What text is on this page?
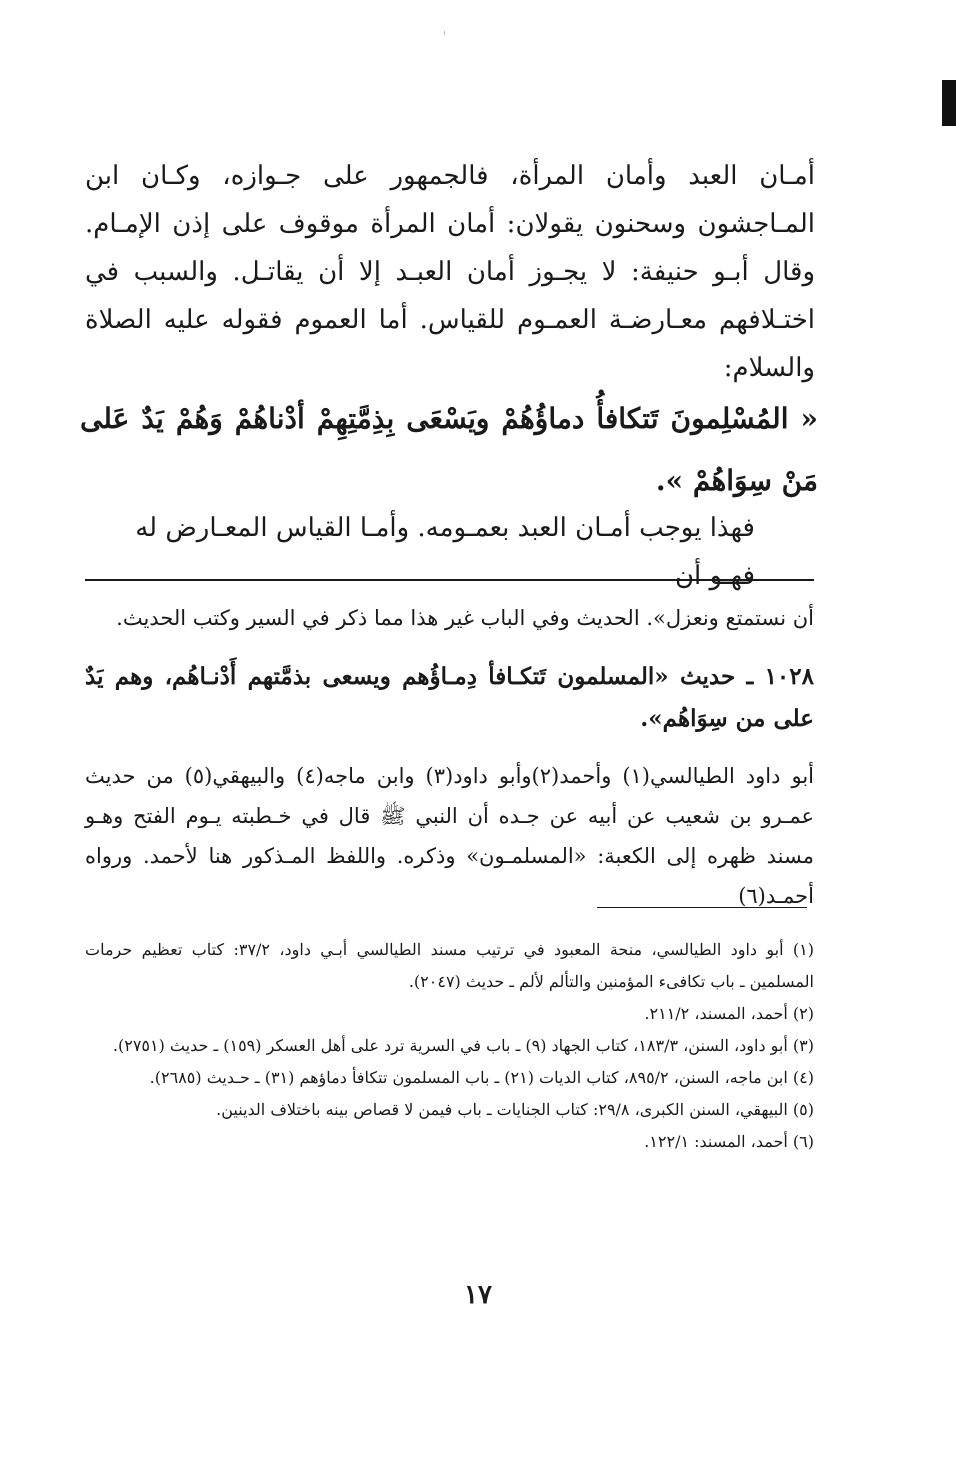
أمـان العبد وأمان المرأة، فالجمهور على جـوازه، وكـان ابن المـاجشون وسحنون يقولان: أمان المرأة موقوف على إذن الإمـام. وقال أبـو حنيفة: لا يجـوز أمان العبـد إلا أن يقاتـل. والسبب في اختـلافهم معـارضـة العمـوم للقياس. أما العموم فقوله عليه الصلاة والسلام:

« المُسْلِمونَ تَتكافأُ دماؤُهُمْ ويَسْعَى بِذِمَّتِهِمْ أدْناهُمْ وَهُمْ يَدٌ عَلى مَنْ سِوَاهُمْ ».

فهذا يوجب أمـان العبد بعمـومه. وأمـا القياس المعـارض له فهـو أن

أن نستمتع ونعزل». الحديث وفي الباب غير هذا مما ذكر في السير وكتب الحديث.

١٠٢٨ ـ حديث «المسلمون تَتكـافأ دِمـاؤُهم ويسعى بذمَّتهم أَدْنـاهُم، وهم يَدٌ على من سِوَاهُم».

أبو داود الطيالسي(١) وأحمد(٢)وأبو داود(٣) وابن ماجه(٤) والبيهقي(٥) من حديث عمـرو بن شعيب عن أبيه عن جـده أن النبي ﷺ قال في خـطبته يـوم الفتح وهـو مسند ظهره إلى الكعبة: «المسلمـون» وذكره. واللفظ المـذكور هنا لأحمد. ورواه أحمـد(٦)

(١) أبو داود الطيالسي، منحة المعبود في ترتيب مسند الطيالسي أبـي داود، ٣٧/٢: كتاب تعظيم حرمات المسلمين ـ باب تكافىء المؤمنين والتألم لألم ـ حديث (٢٠٤٧).

(٢) أحمد، المسند، ٢١١/٢.

(٣) أبو داود، السنن، ١٨٣/٣، كتاب الجهاد (٩) ـ باب في السرية ترد على أهل العسكر (١٥٩) ـ حديث (٢٧٥١).

(٤) ابن ماجه، السنن، ٨٩٥/٢، كتاب الديات (٢١) ـ باب المسلمون تتكافأ دماؤهم (٣١) ـ حـديث (٢٦٨٥).

(٥) البيهقي، السنن الكبرى، ٢٩/٨: كتاب الجنايات ـ باب فيمن لا قصاص بينه باختلاف الدينين.

(٦) أحمد، المسند: ١٢٢/١.

١٧
